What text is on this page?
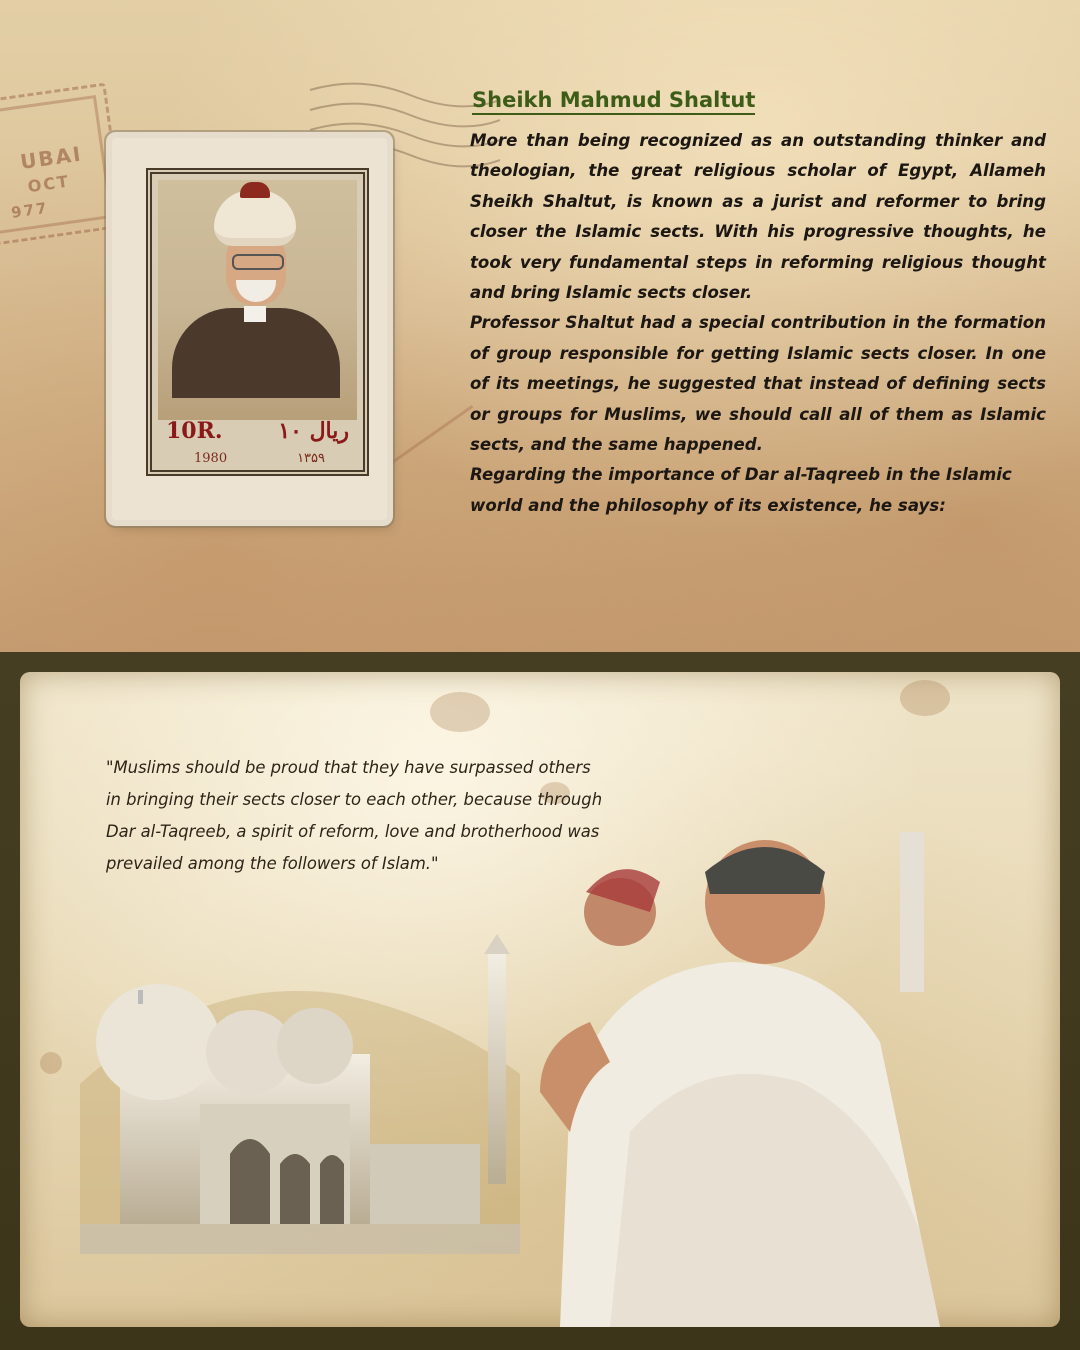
UBAI
OCT
977
10R.	۱۰ ریال
1980	۱۳۵۹
Sheikh Mahmud Shaltut

More than being recognized as an outstanding thinker and theologian, the great religious scholar of Egypt, Allameh Sheikh Shaltut, is known as a jurist and reformer to bring closer the Islamic sects. With his progressive thoughts, he took very fundamental steps in reforming religious thought and bring Islamic sects closer.

Professor Shaltut had a special contribution in the formation of group responsible for getting Islamic sects closer. In one of its meetings, he suggested that instead of defining sects or groups for Muslims, we should call all of them as Islamic sects, and the same happened.

Regarding the importance of Dar al-Taqreeb in the Islamic world and the philosophy of its existence, he says:

"Muslims should be proud that they have surpassed others
in bringing their sects closer to each other, because through
Dar al-Taqreeb, a spirit of reform, love and brotherhood was
prevailed among the followers of Islam."
